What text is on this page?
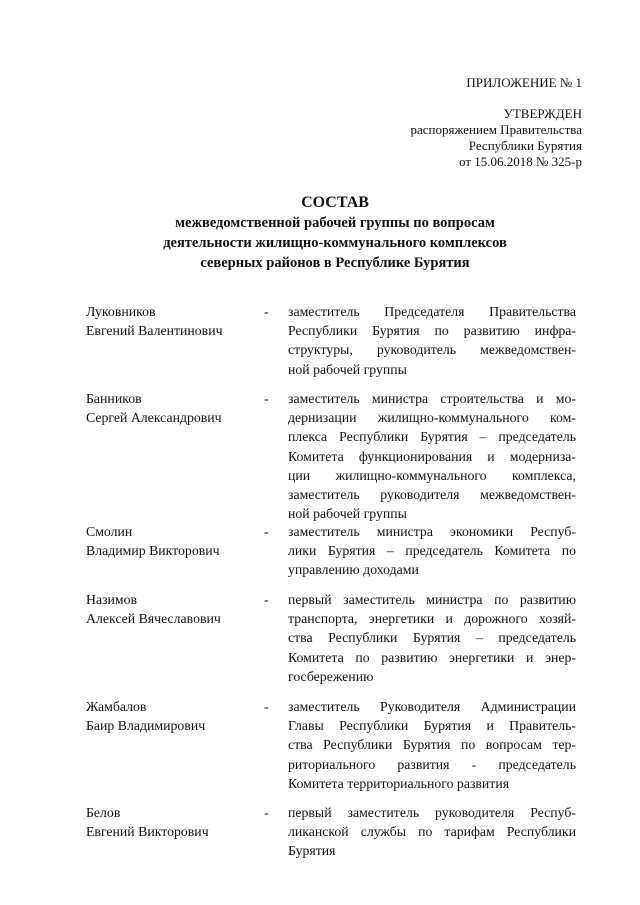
ПРИЛОЖЕНИЕ № 1
УТВЕРЖДЕН
распоряжением Правительства
Республики Бурятия
от 15.06.2018 № 325-р
СОСТАВ
межведомственной рабочей группы по вопросам
деятельности жилищно-коммунального комплексов
северных районов в Республике Бурятия
Луковников
Евгений Валентинович
-	заместитель Председателя Правительства
Республики Бурятия по развитию инфра-
структуры, руководитель межведомствен-
ной рабочей группы
Банников
Сергей Александрович
-	заместитель министра строительства и мо-
дернизации жилищно-коммунального ком-
плекса Республики Бурятия – председатель
Комитета функционирования и модерниза-
ции жилищно-коммунального комплекса,
заместитель руководителя межведомствен-
ной рабочей группы
Смолин
Владимир Викторович
-	заместитель министра экономики Респуб-
лики Бурятия – председатель Комитета по
управлению доходами
Назимов
Алексей Вячеславович
-	первый заместитель министра по развитию
транспорта, энергетики и дорожного хозяй-
ства Республики Бурятия – председатель
Комитета по развитию энергетики и энер-
госбережению
Жамбалов
Баир Владимирович
-	заместитель Руководителя Администрации
Главы Республики Бурятия и Правитель-
ства Республики Бурятия по вопросам тер-
риториального развития - председатель
Комитета территориального развития
Белов
Евгений Викторович
-	первый заместитель руководителя Респуб-
ликанской службы по тарифам Республики
Бурятия
